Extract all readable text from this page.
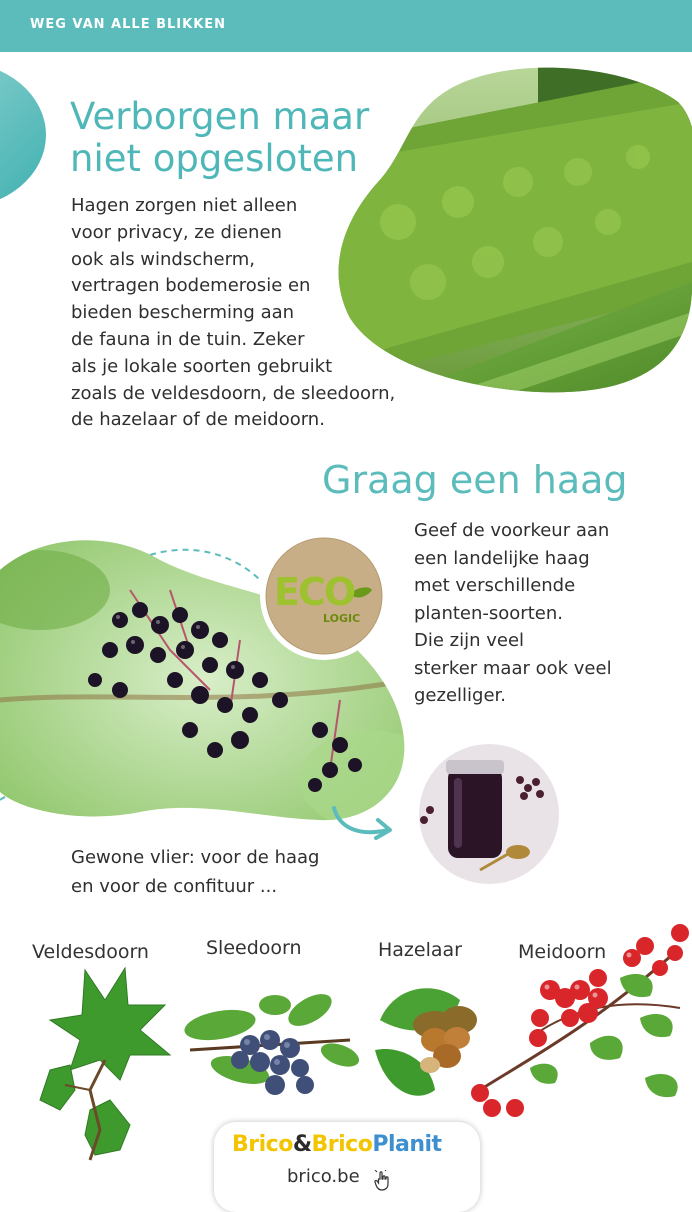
WEG VAN ALLE BLIKKEN
Verborgen maar
niet opgesloten

Hagen zorgen niet alleen
voor privacy, ze dienen
ook als windscherm,
vertragen bodemerosie en
bieden bescherming aan
de fauna in de tuin. Zeker
als je lokale soorten gebruikt
zoals de veldesdoorn, de sleedoorn,
de hazelaar of de meidoorn.

Graag een haag

Geef de voorkeur aan
een landelijke haag
met verschillende
planten-soorten.
Die zijn veel
sterker maar ook veel
gezelliger.

ECO
LOGIC

Gewone vlier: voor de haag
en voor de confituur ...

Veldesdoorn	Sleedoorn	Hazelaar	Meidoorn
Brico&BricoPlanit
brico.be
